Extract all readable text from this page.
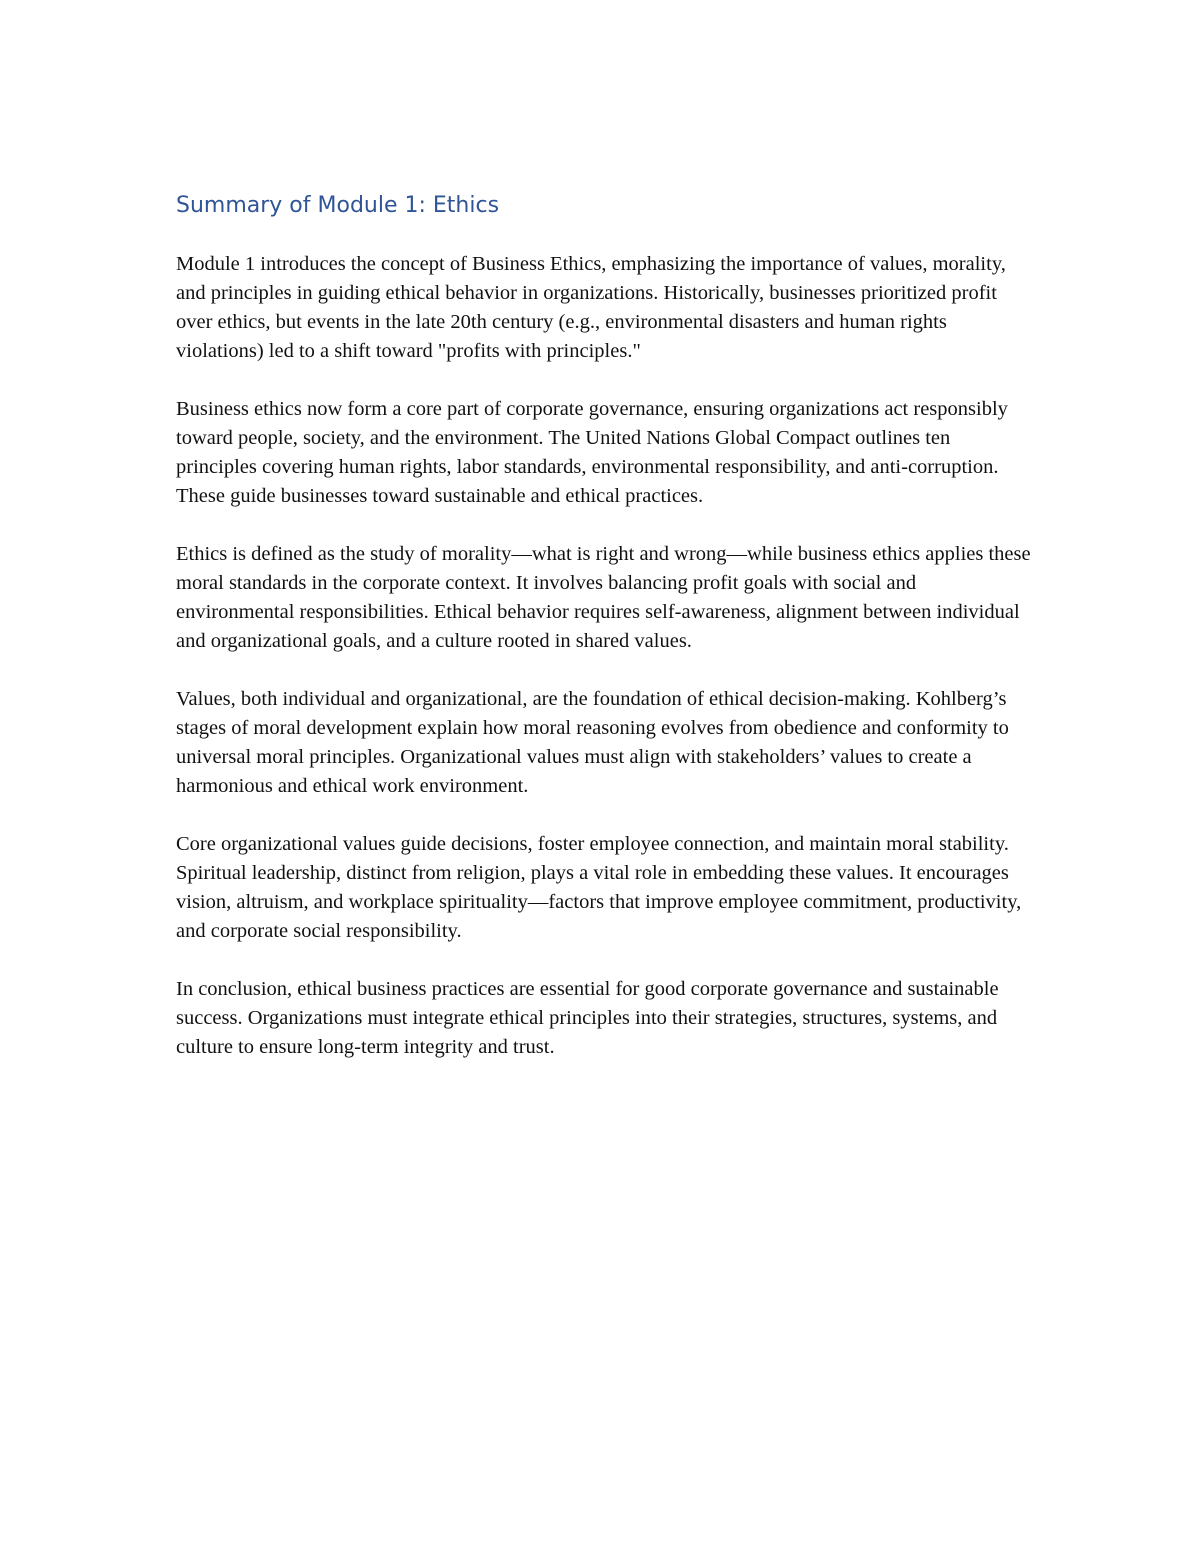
Summary of Module 1: Ethics

Module 1 introduces the concept of Business Ethics, emphasizing the importance of values, morality, and principles in guiding ethical behavior in organizations. Historically, businesses prioritized profit over ethics, but events in the late 20th century (e.g., environmental disasters and human rights violations) led to a shift toward "profits with principles."

Business ethics now form a core part of corporate governance, ensuring organizations act responsibly toward people, society, and the environment. The United Nations Global Compact outlines ten principles covering human rights, labor standards, environmental responsibility, and anti-corruption. These guide businesses toward sustainable and ethical practices.

Ethics is defined as the study of morality—what is right and wrong—while business ethics applies these moral standards in the corporate context. It involves balancing profit goals with social and environmental responsibilities. Ethical behavior requires self-awareness, alignment between individual and organizational goals, and a culture rooted in shared values.

Values, both individual and organizational, are the foundation of ethical decision-making. Kohlberg’s stages of moral development explain how moral reasoning evolves from obedience and conformity to universal moral principles. Organizational values must align with stakeholders’ values to create a harmonious and ethical work environment.

Core organizational values guide decisions, foster employee connection, and maintain moral stability. Spiritual leadership, distinct from religion, plays a vital role in embedding these values. It encourages vision, altruism, and workplace spirituality—factors that improve employee commitment, productivity, and corporate social responsibility.

In conclusion, ethical business practices are essential for good corporate governance and sustainable success. Organizations must integrate ethical principles into their strategies, structures, systems, and culture to ensure long-term integrity and trust.
